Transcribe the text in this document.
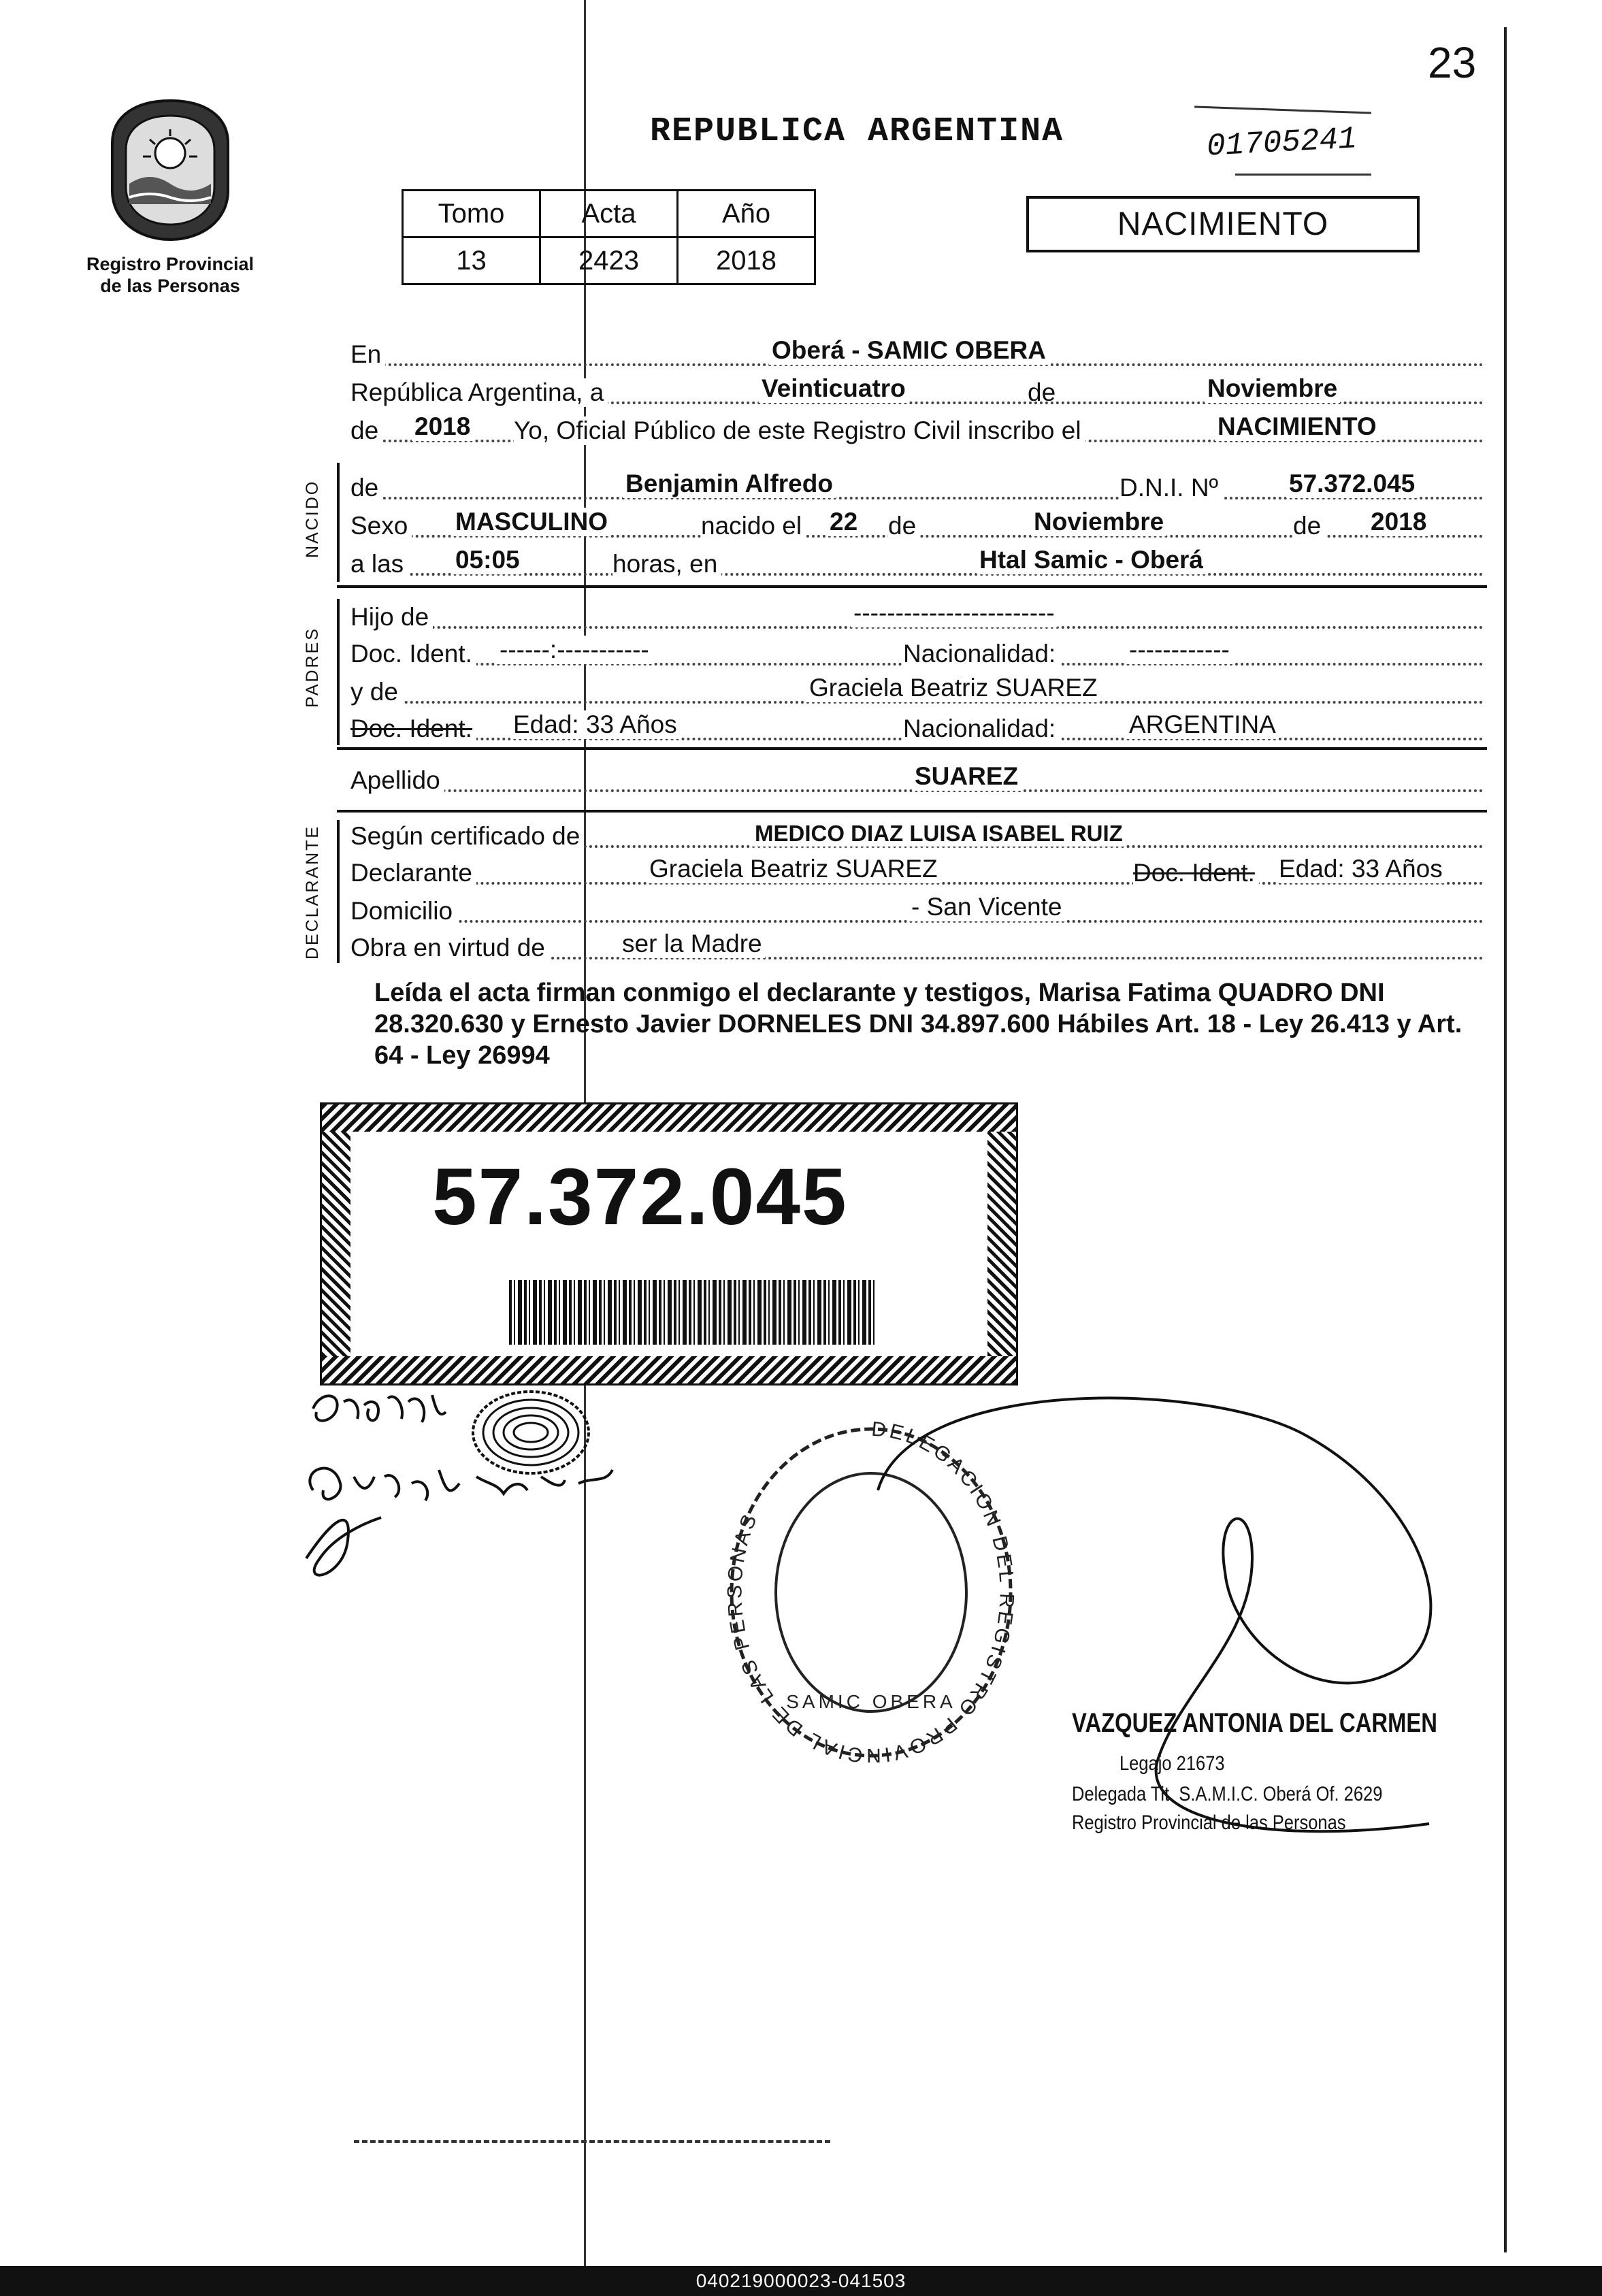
23
Registro Provincial
de las Personas
REPUBLICA ARGENTINA	01705241
Tomo	Acta	Año
13	2423	2018
NACIMIENTO
En	Oberá - SAMIC OBERA
República Argentina, a	Veinticuatro	de	Noviembre
de 2018 Yo, Oficial Público de este Registro Civil inscribo el	NACIMIENTO
NACIDO de	Benjamin Alfredo	D.N.I. Nº	57.372.045
Sexo MASCULINO	nacido el 22 de	Noviembre	de 2018
a las 05:05	horas, en	Htal Samic - Oberá
PADRES
Hijo de	------------------------
Doc. Ident. ------:-----------	Nacionalidad:	------------
y de	Graciela Beatriz SUAREZ
Doc. Ident. Edad: 33 Años	Nacionalidad:	ARGENTINA
Apellido	SUAREZ
DECLARANTE Según certificado de	MEDICO DIAZ LUISA ISABEL RUIZ
Declarante	Graciela Beatriz SUAREZ	Doc. Ident. Edad: 33 Años
Domicilio	- San Vicente
Obra en virtud de	ser la Madre
Leída el acta firman conmigo el declarante y testigos, Marisa Fatima QUADRO DNI 28.320.630 y Ernesto Javier DORNELES DNI 34.897.600 Hábiles Art. 18 - Ley 26.413 y Art. 64 - Ley 26994
57.372.045
DELEGACION DEL REGISTRO PROVINCIAL DE LAS PERSONAS
SAMIC OBERA
VAZQUEZ ANTONIA DEL CARMEN
Legajo 21673
Delegada Tit. S.A.M.I.C. Oberá Of. 2629
Registro Provincial de las Personas
040219000023-041503
